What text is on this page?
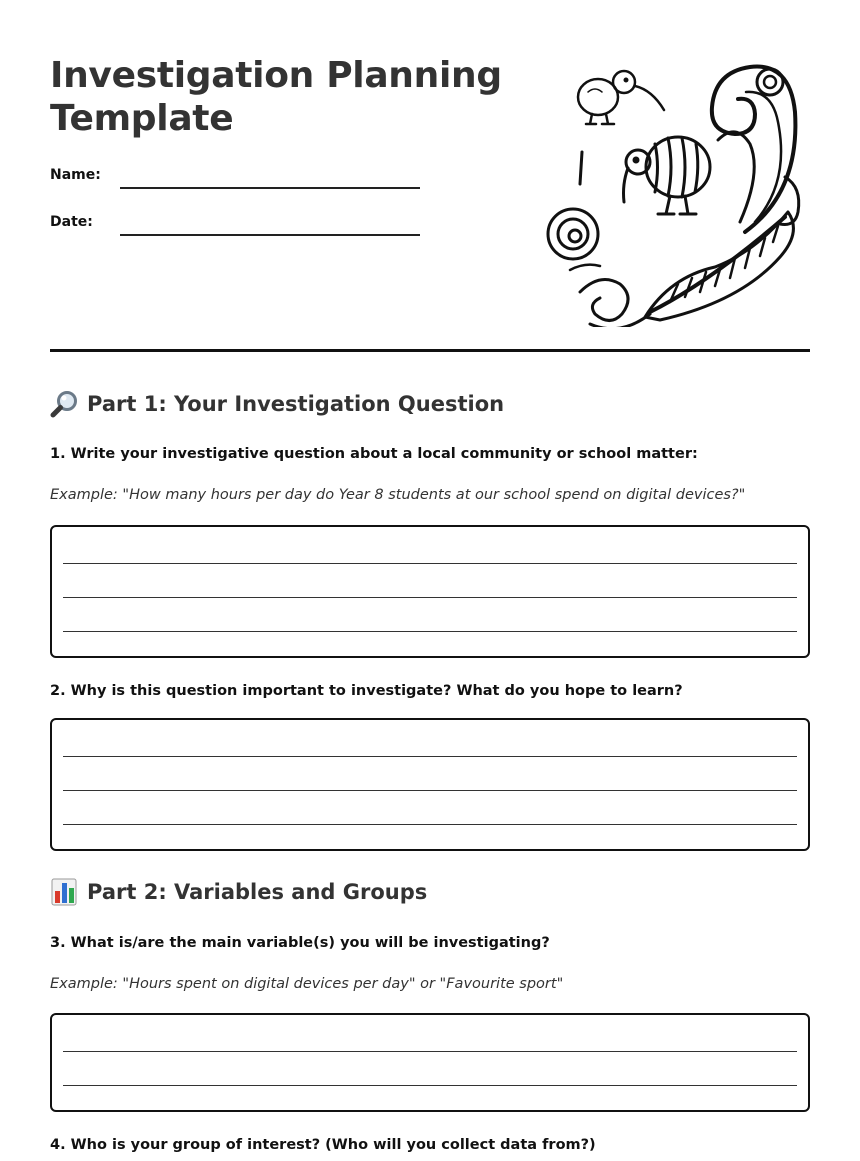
Investigation Planning Template
Name:
Date:
Part 1: Your Investigation Question
1. Write your investigative question about a local community or school matter:
Example: "How many hours per day do Year 8 students at our school spend on digital devices?"
2. Why is this question important to investigate? What do you hope to learn?
Part 2: Variables and Groups
3. What is/are the main variable(s) you will be investigating?
Example: "Hours spent on digital devices per day" or "Favourite sport"
4. Who is your group of interest? (Who will you collect data from?)
